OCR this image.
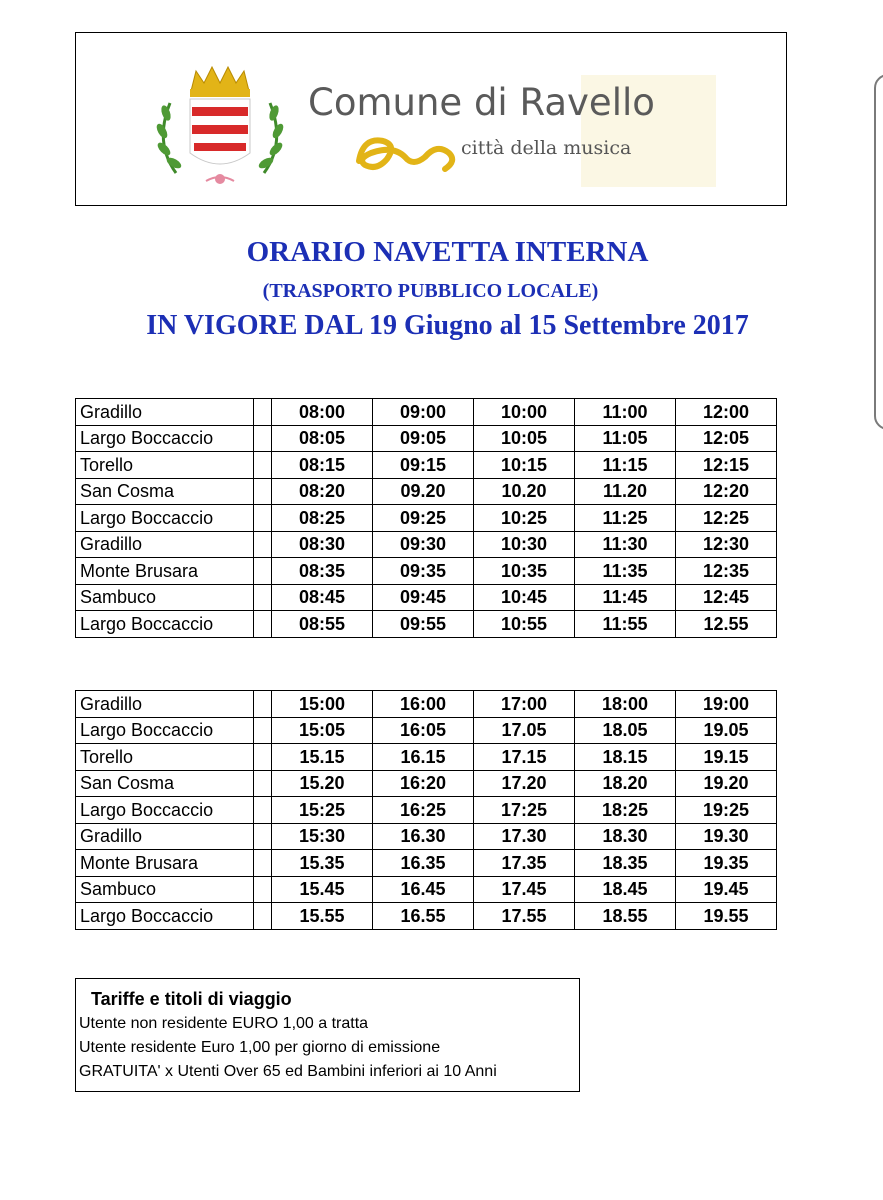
Comune di Ravello
città della musica
ORARIO NAVETTA INTERNA
(TRASPORTO PUBBLICO LOCALE)
IN VIGORE DAL 19 Giugno al 15 Settembre 2017
Gradillo		08:00	09:00	10:00	11:00	12:00
Largo Boccaccio		08:05	09:05	10:05	11:05	12:05
Torello		08:15	09:15	10:15	11:15	12:15
San Cosma		08:20	09.20	10.20	11.20	12:20
Largo Boccaccio		08:25	09:25	10:25	11:25	12:25
Gradillo		08:30	09:30	10:30	11:30	12:30
Monte Brusara		08:35	09:35	10:35	11:35	12:35
Sambuco		08:45	09:45	10:45	11:45	12:45
Largo Boccaccio		08:55	09:55	10:55	11:55	12.55
Gradillo		15:00	16:00	17:00	18:00	19:00
Largo Boccaccio		15:05	16:05	17.05	18.05	19.05
Torello		15.15	16.15	17.15	18.15	19.15
San Cosma		15.20	16:20	17.20	18.20	19.20
Largo Boccaccio		15:25	16:25	17:25	18:25	19:25
Gradillo		15:30	16.30	17.30	18.30	19.30
Monte Brusara		15.35	16.35	17.35	18.35	19.35
Sambuco		15.45	16.45	17.45	18.45	19.45
Largo Boccaccio		15.55	16.55	17.55	18.55	19.55
Tariffe e titoli di viaggio
Utente non residente EURO 1,00 a tratta
Utente residente Euro 1,00 per giorno di emissione
GRATUITA' x Utenti Over 65 ed Bambini inferiori ai 10 Anni
